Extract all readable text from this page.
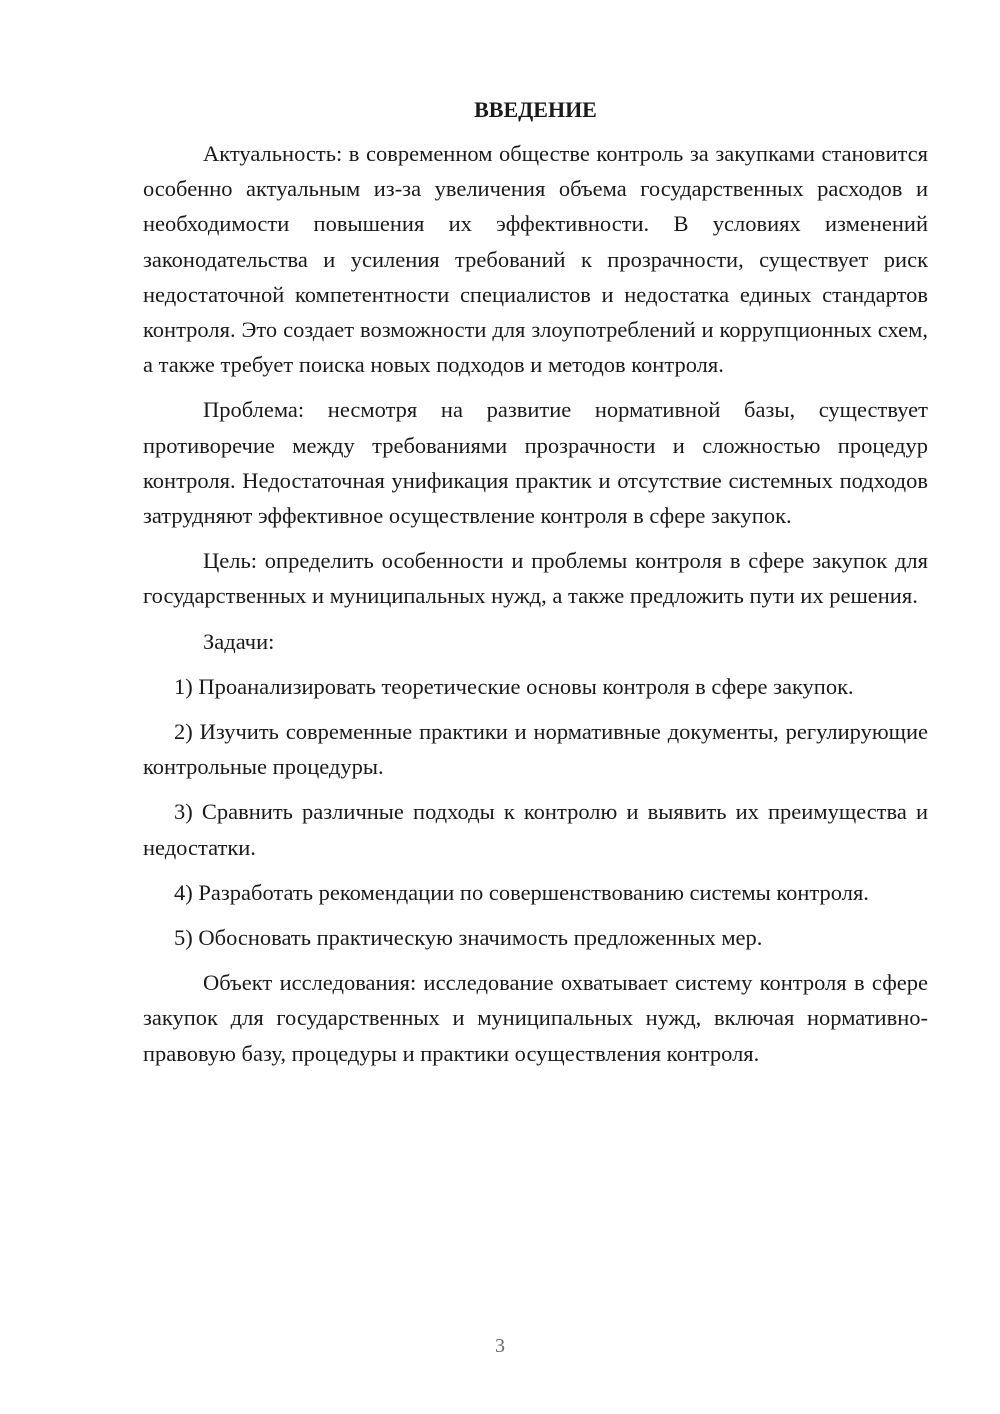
ВВЕДЕНИЕ

Актуальность: в современном обществе контроль за закупками становится особенно актуальным из-за увеличения объема государственных расходов и необходимости повышения их эффективности. В условиях изменений законодательства и усиления требований к прозрачности, существует риск недостаточной компетентности специалистов и недостатка единых стандартов контроля. Это создает возможности для злоупотреблений и коррупционных схем, а также требует поиска новых подходов и методов контроля.

Проблема: несмотря на развитие нормативной базы, существует противоречие между требованиями прозрачности и сложностью процедур контроля. Недостаточная унификация практик и отсутствие системных подходов затрудняют эффективное осуществление контроля в сфере закупок.

Цель: определить особенности и проблемы контроля в сфере закупок для государственных и муниципальных нужд, а также предложить пути их решения.

Задачи:

1) Проанализировать теоретические основы контроля в сфере закупок.

2) Изучить современные практики и нормативные документы, регулирующие контрольные процедуры.

3) Сравнить различные подходы к контролю и выявить их преимущества и недостатки.

4) Разработать рекомендации по совершенствованию системы контроля.

5) Обосновать практическую значимость предложенных мер.

Объект исследования: исследование охватывает систему контроля в сфере закупок для государственных и муниципальных нужд, включая нормативно-правовую базу, процедуры и практики осуществления контроля.

3
